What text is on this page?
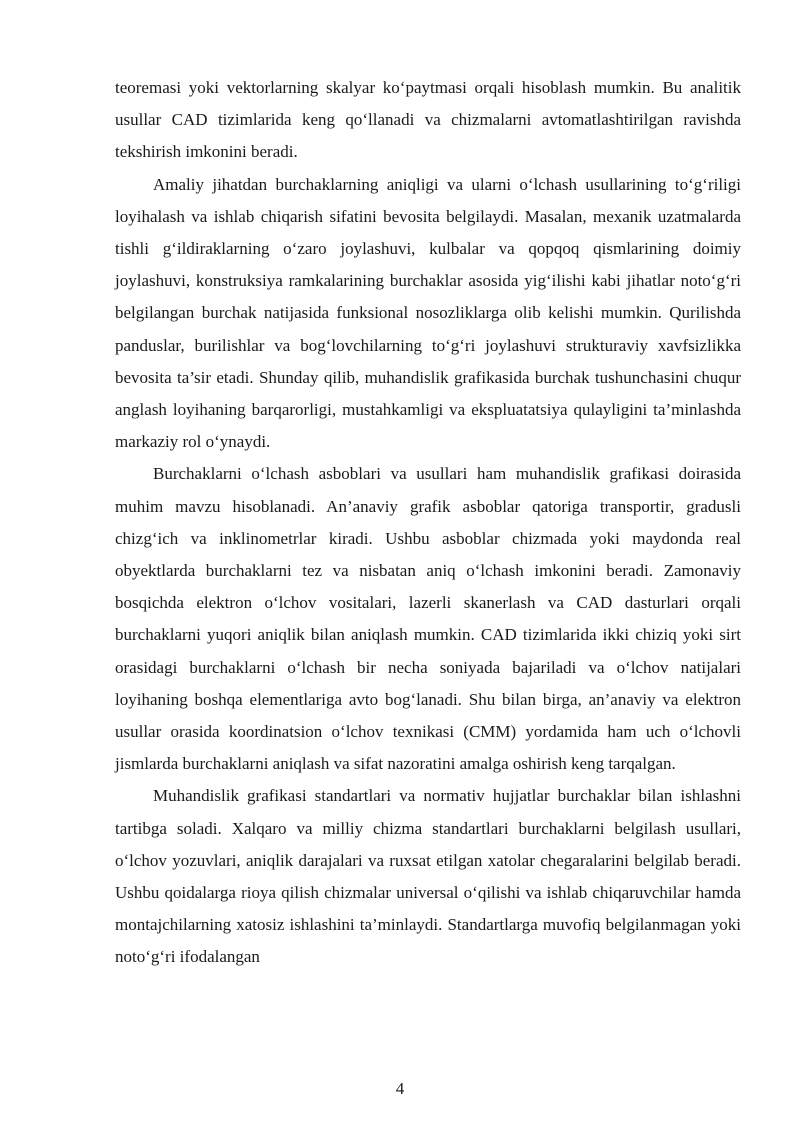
teoremasi yoki vektorlarning skalyar ko‘paytmasi orqali hisoblash mumkin. Bu analitik usullar CAD tizimlarida keng qo‘llanadi va chizmalarni avtomatlashtirilgan ravishda tekshirish imkonini beradi.

Amaliy jihatdan burchaklarning aniqligi va ularni o‘lchash usullarining to‘g‘riligi loyihalash va ishlab chiqarish sifatini bevosita belgilaydi. Masalan, mexanik uzatmalarda tishli g‘ildiraklarning o‘zaro joylashuvi, kulbalar va qopqoq qismlarining doimiy joylashuvi, konstruksiya ramkalarining burchaklar asosida yig‘ilishi kabi jihatlar noto‘g‘ri belgilangan burchak natijasida funksional nosozliklarga olib kelishi mumkin. Qurilishda panduslar, burilishlar va bog‘lovchilarning to‘g‘ri joylashuvi strukturaviy xavfsizlikka bevosita ta’sir etadi. Shunday qilib, muhandislik grafikasida burchak tushunchasini chuqur anglash loyihaning barqarorligi, mustahkamligi va ekspluatatsiya qulayligini ta’minlashda markaziy rol o‘ynaydi.

Burchaklarni o‘lchash asboblari va usullari ham muhandislik grafikasi doirasida muhim mavzu hisoblanadi. An’anaviy grafik asboblar qatoriga transportir, gradusli chizg‘ich va inklinometrlar kiradi. Ushbu asboblar chizmada yoki maydonda real obyektlarda burchaklarni tez va nisbatan aniq o‘lchash imkonini beradi. Zamonaviy bosqichda elektron o‘lchov vositalari, lazerli skanerlash va CAD dasturlari orqali burchaklarni yuqori aniqlik bilan aniqlash mumkin. CAD tizimlarida ikki chiziq yoki sirt orasidagi burchaklarni o‘lchash bir necha soniyada bajariladi va o‘lchov natijalari loyihaning boshqa elementlariga avto bog‘lanadi. Shu bilan birga, an’anaviy va elektron usullar orasida koordinatsion o‘lchov texnikasi (CMM) yordamida ham uch o‘lchovli jismlarda burchaklarni aniqlash va sifat nazoratini amalga oshirish keng tarqalgan.

Muhandislik grafikasi standartlari va normativ hujjatlar burchaklar bilan ishlashni tartibga soladi. Xalqaro va milliy chizma standartlari burchaklarni belgilash usullari, o‘lchov yozuvlari, aniqlik darajalari va ruxsat etilgan xatolar chegaralarini belgilab beradi. Ushbu qoidalarga rioya qilish chizmalar universal o‘qilishi va ishlab chiqaruvchilar hamda montajchilarning xatosiz ishlashini ta’minlaydi. Standartlarga muvofiq belgilanmagan yoki noto‘g‘ri ifodalangan

4
